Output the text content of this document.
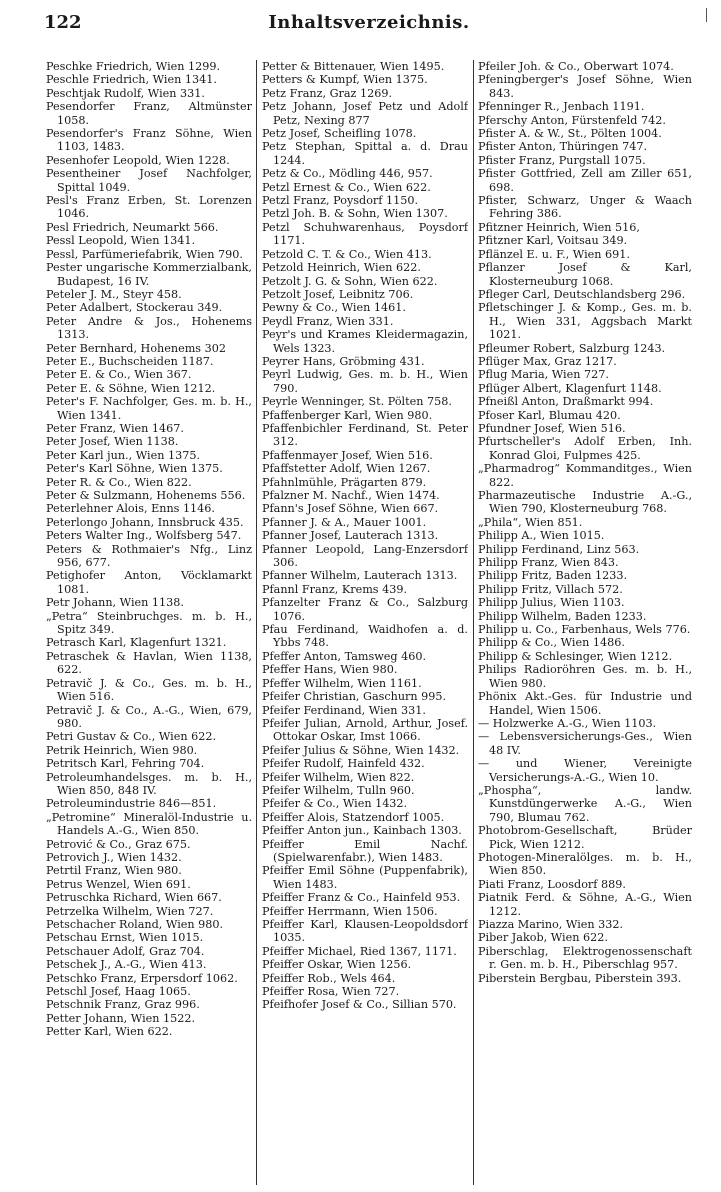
122	Inhaltsverzeichnis.

Peschke Friedrich, Wien 1299.

Peschle Friedrich, Wien 1341.

Peschtjak Rudolf, Wien 331.

Pesendorfer Franz, Altmünster 1058.

Pesendorfer's Franz Söhne, Wien 1103, 1483.

Pesenhofer Leopold, Wien 1228.

Pesentheiner Josef Nachfolger, Spittal 1049.

Pesl's Franz Erben, St. Lorenzen 1046.

Pesl Friedrich, Neumarkt 566.

Pessl Leopold, Wien 1341.

Pessl, Parfümeriefabrik, Wien 790.

Pester ungarische Kommerzialbank, Budapest, 16 IV.

Peteler J. M., Steyr 458.

Peter Adalbert, Stockerau 349.

Peter Andre & Jos., Hohenems 1313.

Peter Bernhard, Hohenems 302

Peter E., Buchscheiden 1187.

Peter E. & Co., Wien 367.

Peter E. & Söhne, Wien 1212.

Peter's F. Nachfolger, Ges. m. b. H., Wien 1341.

Peter Franz, Wien 1467.

Peter Josef, Wien 1138.

Peter Karl jun., Wien 1375.

Peter's Karl Söhne, Wien 1375.

Peter R. & Co., Wien 822.

Peter & Sulzmann, Hohenems 556.

Peterlehner Alois, Enns 1146.

Peterlongo Johann, Innsbruck 435.

Peters Walter Ing., Wolfsberg 547.

Peters & Rothmaier's Nfg., Linz 956, 677.

Petighofer Anton, Vöcklamarkt 1081.

Petr Johann, Wien 1138.

„Petra“ Steinbruchges. m. b. H., Spitz 349.

Petrasch Karl, Klagenfurt 1321.

Petraschek & Havlan, Wien 1138, 622.

Petravič J. & Co., Ges. m. b. H., Wien 516.

Petravič J. & Co., A.-G., Wien, 679, 980.

Petri Gustav & Co., Wien 622.

Petrik Heinrich, Wien 980.

Petritsch Karl, Fehring 704.

Petroleumhandelsges. m. b. H., Wien 850, 848 IV.

Petroleumindustrie 846—851.

„Petromine“ Mineralöl-Industrie u. Handels A.-G., Wien 850.

Petrović & Co., Graz 675.

Petrovich J., Wien 1432.

Petrtil Franz, Wien 980.

Petrus Wenzel, Wien 691.

Petruschka Richard, Wien 667.

Petrzelka Wilhelm, Wien 727.

Petschacher Roland, Wien 980.

Petschau Ernst, Wien 1015.

Petschauer Adolf, Graz 704.

Petschek J., A.-G., Wien 413.

Petschko Franz, Erpersdorf 1062.

Petschl Josef, Haag 1065.

Petschnik Franz, Graz 996.

Petter Johann, Wien 1522.

Petter Karl, Wien 622.

Petter & Bittenauer, Wien 1495.

Petters & Kumpf, Wien 1375.

Petz Franz, Graz 1269.

Petz Johann, Josef Petz und Adolf Petz, Nexing 877

Petz Josef, Scheifling 1078.

Petz Stephan, Spittal a. d. Drau 1244.

Petz & Co., Mödling 446, 957.

Petzl Ernest & Co., Wien 622.

Petzl Franz, Poysdorf 1150.

Petzl Joh. B. & Sohn, Wien 1307.

Petzl Schuhwarenhaus, Poysdorf 1171.

Petzold C. T. & Co., Wien 413.

Petzold Heinrich, Wien 622.

Petzolt J. G. & Sohn, Wien 622.

Petzolt Josef, Leibnitz 706.

Pewny & Co., Wien 1461.

Peydl Franz, Wien 331.

Peyr's und Krames Kleidermagazin, Wels 1323.

Peyrer Hans, Gröbming 431.

Peyrl Ludwig, Ges. m. b. H., Wien 790.

Peyrle Wenninger, St. Pölten 758.

Pfaffenberger Karl, Wien 980.

Pfaffenbichler Ferdinand, St. Peter 312.

Pfaffenmayer Josef, Wien 516.

Pfaffstetter Adolf, Wien 1267.

Pfahnlmühle, Prägarten 879.

Pfalzner M. Nachf., Wien 1474.

Pfann's Josef Söhne, Wien 667.

Pfanner J. & A., Mauer 1001.

Pfanner Josef, Lauterach 1313.

Pfanner Leopold, Lang-Enzersdorf 306.

Pfanner Wilhelm, Lauterach 1313.

Pfannl Franz, Krems 439.

Pfanzelter Franz & Co., Salzburg 1076.

Pfau Ferdinand, Waidhofen a. d. Ybbs 748.

Pfeffer Anton, Tamsweg 460.

Pfeffer Hans, Wien 980.

Pfeffer Wilhelm, Wien 1161.

Pfeifer Christian, Gaschurn 995.

Pfeifer Ferdinand, Wien 331.

Pfeifer Julian, Arnold, Arthur, Josef. Ottokar Oskar, Imst 1066.

Pfeifer Julius & Söhne, Wien 1432.

Pfeifer Rudolf, Hainfeld 432.

Pfeifer Wilhelm, Wien 822.

Pfeifer Wilhelm, Tulln 960.

Pfeifer & Co., Wien 1432.

Pfeiffer Alois, Statzendorf 1005.

Pfeiffer Anton jun., Kainbach 1303.

Pfeiffer Emil Nachf. (Spielwarenfabr.), Wien 1483.

Pfeiffer Emil Söhne (Puppenfabrik), Wien 1483.

Pfeiffer Franz & Co., Hainfeld 953.

Pfeiffer Herrmann, Wien 1506.

Pfeiffer Karl, Klausen-Leopoldsdorf 1035.

Pfeiffer Michael, Ried 1367, 1171.

Pfeiffer Oskar, Wien 1256.

Pfeiffer Rob., Wels 464.

Pfeiffer Rosa, Wien 727.

Pfeifhofer Josef & Co., Sillian 570.

Pfeiler Joh. & Co., Oberwart 1074.

Pfeningberger's Josef Söhne, Wien 843.

Pfenninger R., Jenbach 1191.

Pferschy Anton, Fürstenfeld 742.

Pfister A. & W., St., Pölten 1004.

Pfister Anton, Thüringen 747.

Pfister Franz, Purgstall 1075.

Pfister Gottfried, Zell am Ziller 651, 698.

Pfister, Schwarz, Unger & Waach Fehring 386.

Pfitzner Heinrich, Wien 516,

Pfitzner Karl, Voitsau 349.

Pflänzel E. u. F., Wien 691.

Pflanzer Josef & Karl, Klosterneuburg 1068.

Pfleger Carl, Deutschlandsberg 296.

Pfletschinger J. & Komp., Ges. m. b. H., Wien 331, Aggsbach Markt 1021.

Pfleumer Robert, Salzburg 1243.

Pflüger Max, Graz 1217.

Pflug Maria, Wien 727.

Pflüger Albert, Klagenfurt 1148.

Pfneißl Anton, Draßmarkt 994.

Pfoser Karl, Blumau 420.

Pfundner Josef, Wien 516.

Pfurtscheller's Adolf Erben, Inh. Konrad Gloi, Fulpmes 425.

„Pharmadrog“ Kommanditges., Wien 822.

Pharmazeutische Industrie A.-G., Wien 790, Klosterneuburg 768.

„Phila“, Wien 851.

Philipp A., Wien 1015.

Philipp Ferdinand, Linz 563.

Philipp Franz, Wien 843.

Philipp Fritz, Baden 1233.

Philipp Fritz, Villach 572.

Philipp Julius, Wien 1103.

Philipp Wilhelm, Baden 1233.

Philipp u. Co., Farbenhaus, Wels 776.

Philipp & Co., Wien 1486.

Philipp & Schlesinger, Wien 1212.

Philips Radioröhren Ges. m. b. H., Wien 980.

Phönix Akt.-Ges. für Industrie und Handel, Wien 1506.

— Holzwerke A.-G., Wien 1103.

— Lebensversicherungs-Ges., Wien 48 IV.

— und Wiener, Vereinigte Versicherungs-A.-G., Wien 10.

„Phospha“, landw. Kunstdüngerwerke A.-G., Wien 790, Blumau 762.

Photobrom-Gesellschaft, Brüder Pick, Wien 1212.

Photogen-Mineralölges. m. b. H., Wien 850.

Piati Franz, Loosdorf 889.

Piatnik Ferd. & Söhne, A.-G., Wien 1212.

Piazza Marino, Wien 332.

Piber Jakob, Wien 622.

Piberschlag, Elektrogenossenschaft r. Gen. m. b. H., Piberschlag 957.

Piberstein Bergbau, Piberstein 393.
